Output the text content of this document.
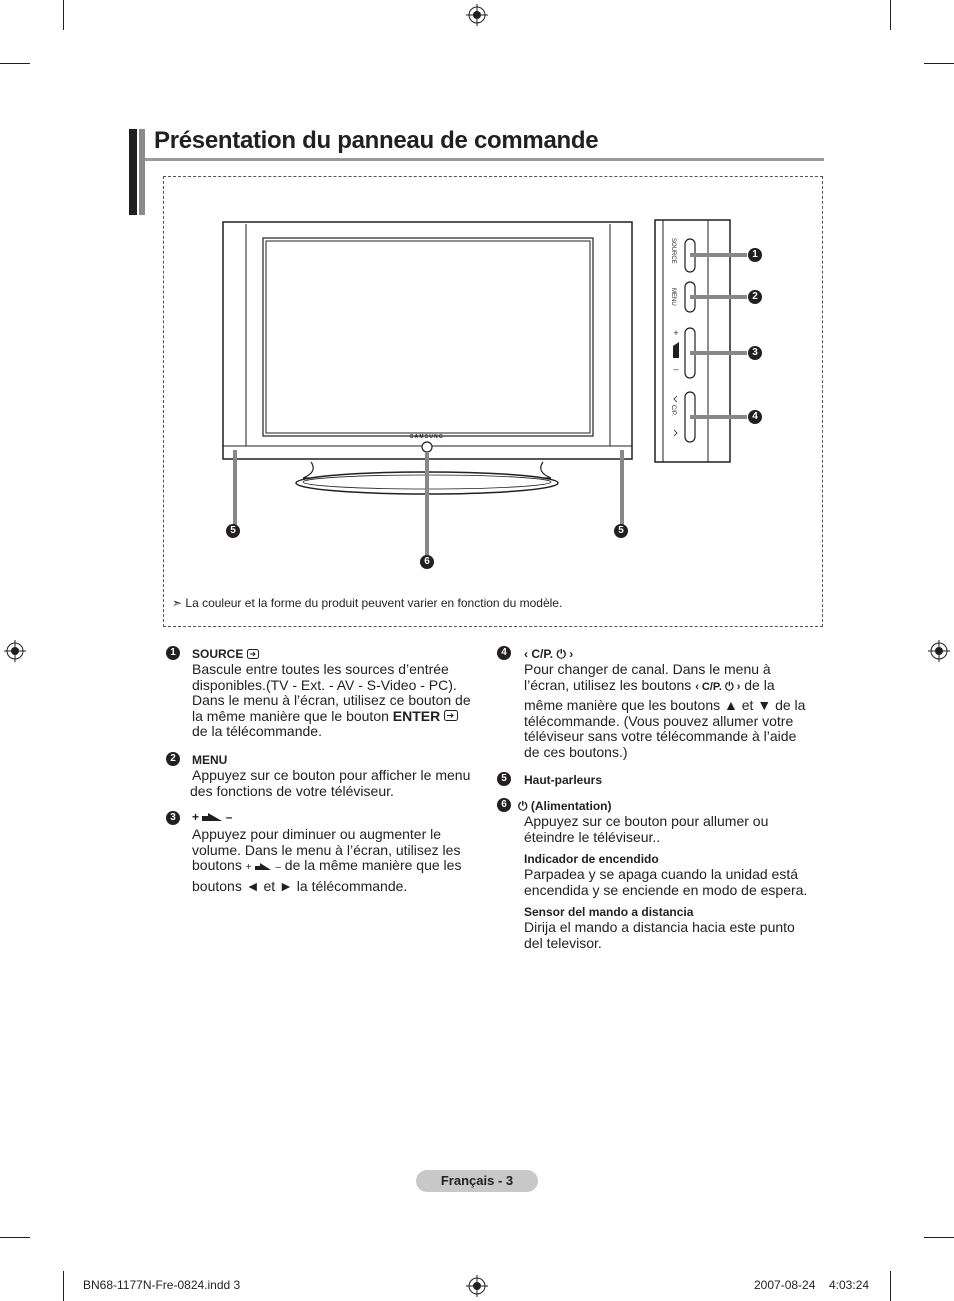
Présentation du panneau de commande
SAMSUNG
SOURCE
MENU
+
–
C/P.
1
2
3
4
5	5
6
➣ La couleur et la forme du produit peuvent varier en fonction du modèle.
1	SOURCE
Bascule entre toutes les sources d’entrée
disponibles.(TV - Ext. - AV - S-Video - PC).
Dans le menu à l’écran, utilisez ce bouton de
la même manière que le bouton ENTER
de la télécommande.
2	MENU
Appuyez sur ce bouton pour afficher le menu
des fonctions de votre téléviseur.
3	+ –
Appuyez pour diminuer ou augmenter le
volume. Dans le menu à l’écran, utilisez les
boutons + – de la même manière que les
boutons ◄ et ► la télécommande.
4	‹ C/P. ⏻ ›
Pour changer de canal. Dans le menu à
l’écran, utilisez les boutons ‹ C/P. ⏻ › de la
même manière que les boutons ▲ et ▼ de la
télécommande. (Vous pouvez allumer votre
téléviseur sans votre télécommande à l’aide
de ces boutons.)
5	Haut-parleurs
6 ⏻ (Alimentation)
Appuyez sur ce bouton pour allumer ou
éteindre le téléviseur..
Indicador de encendido
Parpadea y se apaga cuando la unidad está
encendida y se enciende en modo de espera.
Sensor del mando a distancia
Dirija el mando a distancia hacia este punto
del televisor.
Français - 3
BN68-1177N-Fre-0824.indd 3	2007-08-24 4:03:24
